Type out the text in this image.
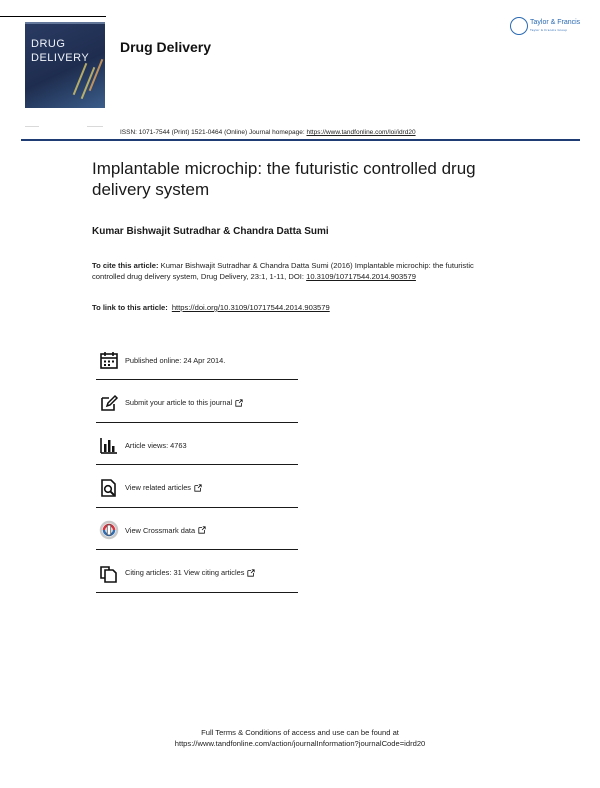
DRUG
DELIVERY
Drug Delivery
Taylor & Francis
Taylor & Francis Group
ISSN: 1071-7544 (Print) 1521-0464 (Online) Journal homepage: https://www.tandfonline.com/loi/idrd20
Implantable microchip: the futuristic controlled drug delivery system
Kumar Bishwajit Sutradhar & Chandra Datta Sumi
To cite this article: Kumar Bishwajit Sutradhar & Chandra Datta Sumi (2016) Implantable microchip: the futuristic controlled drug delivery system, Drug Delivery, 23:1, 1-11, DOI: 10.3109/10717544.2014.903579
To link to this article: https://doi.org/10.3109/10717544.2014.903579
Published online: 24 Apr 2014.
Submit your article to this journal
Article views: 4763
View related articles
View Crossmark data
Citing articles: 31 View citing articles
Full Terms & Conditions of access and use can be found at
https://www.tandfonline.com/action/journalInformation?journalCode=idrd20
